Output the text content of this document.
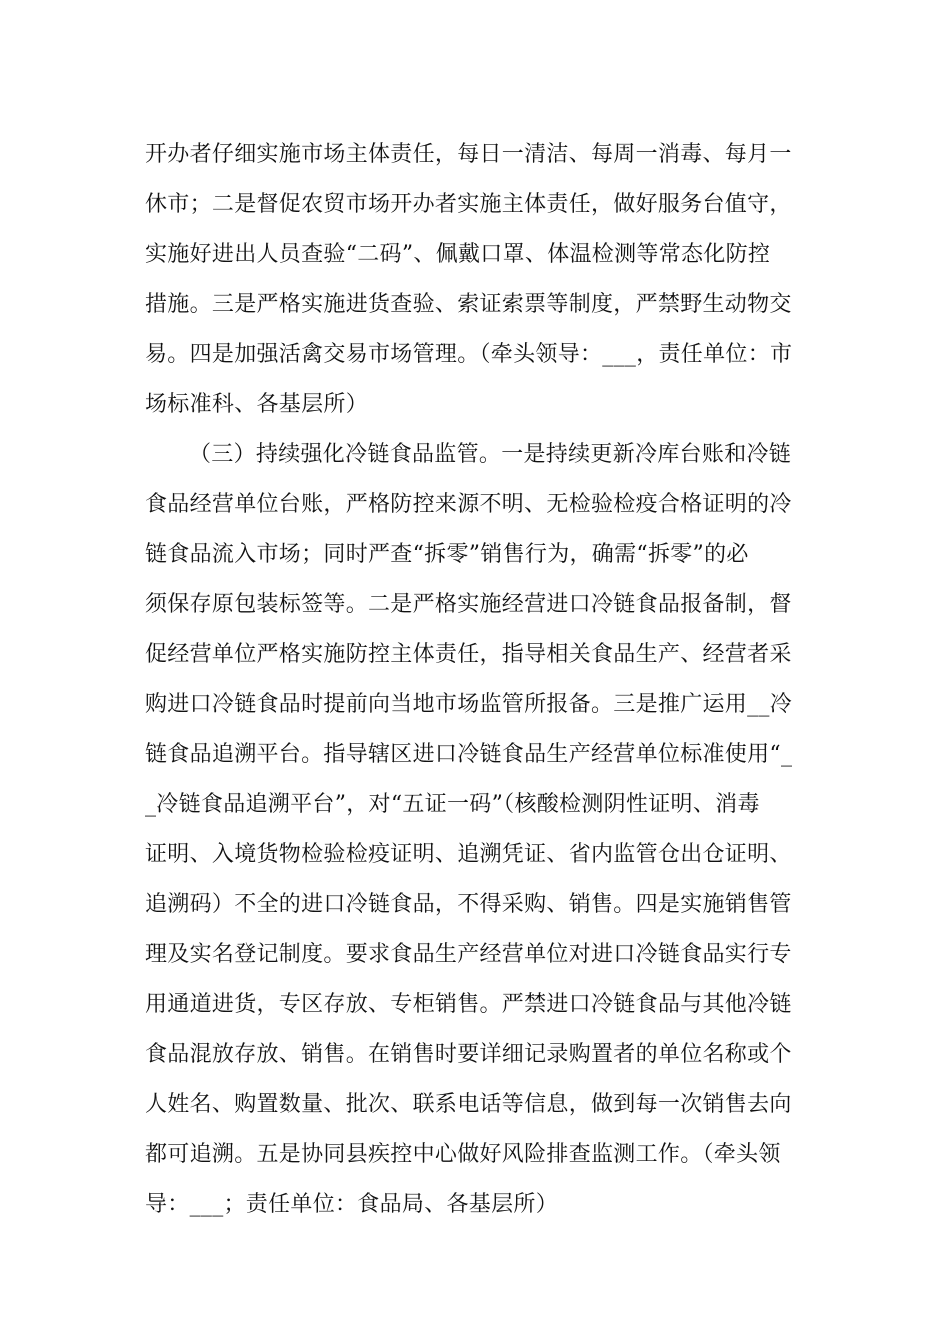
开办者仔细实施市场主体责任，每日一清洁、每周一消毒、每月一
休市；二是督促农贸市场开办者实施主体责任，做好服务台值守，
实施好进出人员查验“二码”、佩戴口罩、体温检测等常态化防控
措施。三是严格实施进货查验、索证索票等制度，严禁野生动物交
易。四是加强活禽交易市场管理。（牵头领导：___，责任单位：市
场标准科、各基层所）
（三）持续强化冷链食品监管。一是持续更新冷库台账和冷链
食品经营单位台账，严格防控来源不明、无检验检疫合格证明的冷
链食品流入市场；同时严查“拆零”销售行为，确需“拆零”的必
须保存原包装标签等。二是严格实施经营进口冷链食品报备制，督
促经营单位严格实施防控主体责任，指导相关食品生产、经营者采
购进口冷链食品时提前向当地市场监管所报备。三是推广运用__冷
链食品追溯平台。指导辖区进口冷链食品生产经营单位标准使用“_
_冷链食品追溯平台”，对“五证一码”（核酸检测阴性证明、消毒
证明、入境货物检验检疫证明、追溯凭证、省内监管仓出仓证明、
追溯码）不全的进口冷链食品，不得采购、销售。四是实施销售管
理及实名登记制度。要求食品生产经营单位对进口冷链食品实行专
用通道进货，专区存放、专柜销售。严禁进口冷链食品与其他冷链
食品混放存放、销售。在销售时要详细记录购置者的单位名称或个
人姓名、购置数量、批次、联系电话等信息，做到每一次销售去向
都可追溯。五是协同县疾控中心做好风险排查监测工作。（牵头领
导：___；责任单位：食品局、各基层所）
